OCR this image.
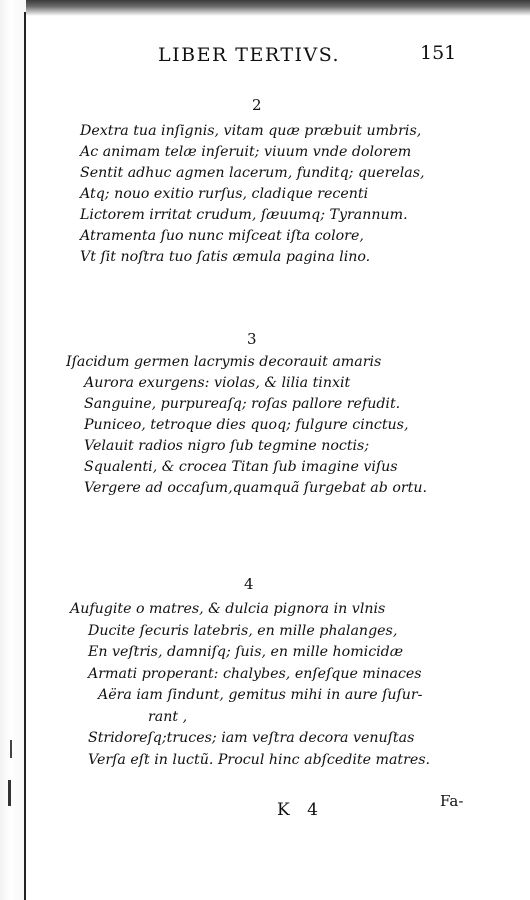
LIBER TERTIVS.	151
2
Dextra tua inſignis, vitam quæ præbuit umbris,
Ac animam telæ inſeruit; viuum vnde dolorem
Sentit adhuc agmen lacerum, funditq; querelas,
Atq; nouo exitio rurſus, cladique recenti
Lictorem irritat crudum, ſæuumq; Tyrannum.
Atramenta ſuo nunc miſceat iſta colore,
Vt ſit noſtra tuo ſatis æmula pagina lino.
3
Iſacidum germen lacrymis decorauit amaris
Aurora exurgens: violas, & lilia tinxit
Sanguine, purpureaſq; roſas pallore refudit.
Puniceo, tetroque dies quoq; fulgure cinctus,
Velauit radios nigro ſub tegmine noctis;
Squalenti, & crocea Titan ſub imagine viſus
Vergere ad occaſum,quamquã ſurgebat ab ortu.
4
Aufugite o matres, & dulcia pignora in vlnis
Ducite ſecuris latebris, en mille phalanges,
En veſtris, damniſq; ſuis, en mille homicidæ
Armati properant: chalybes, enſeſque minaces
Aëra iam ſindunt, gemitus mihi in aure ſuſur-
rant ,
Stridoreſq;truces; iam veſtra decora venuſtas
Verſa eſt in luctũ. Procul hinc abſcedite matres.
K 4	Fa-
